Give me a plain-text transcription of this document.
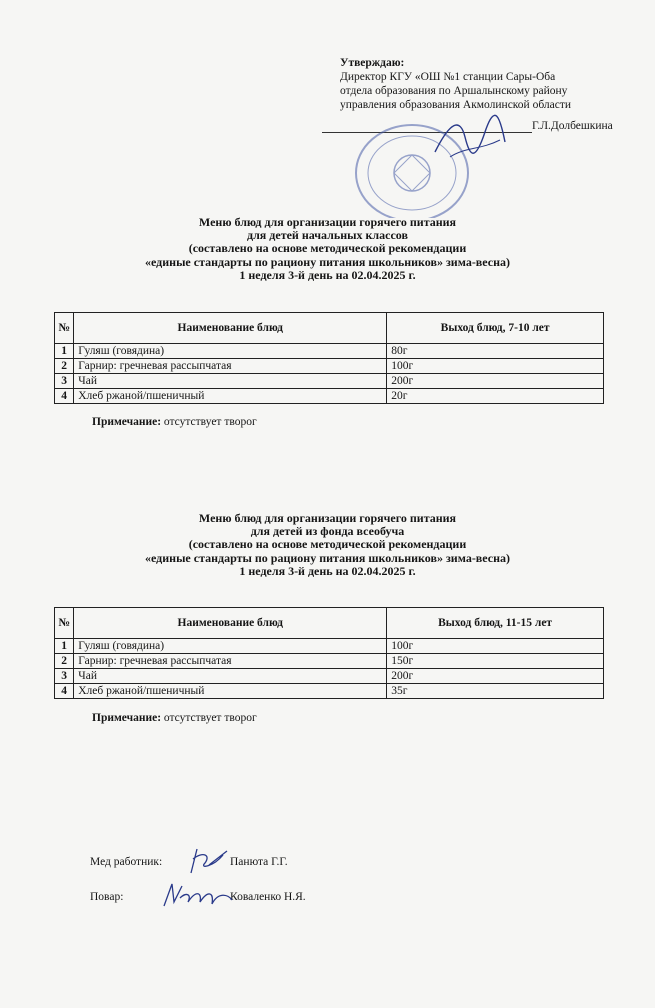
Утверждаю:
Директор КГУ «ОШ №1 станции Сары-Оба
отдела образования по Аршалынскому району
управления образования Акмолинской области
Г.Л.Долбешкина
Меню блюд для организации горячего питания
для детей начальных классов
(составлено на основе методической рекомендации
«единые стандарты по рациону питания школьников» зима-весна)
1 неделя 3-й день на 02.04.2025 г.
№	Наименование блюд	Выход блюд, 7-10 лет
1	Гуляш (говядина)	80г
2	Гарнир: гречневая рассыпчатая	100г
3	Чай	200г
4	Хлеб ржаной/пшеничный	20г
Примечание: отсутствует творог
Меню блюд для организации горячего питания
для детей из фонда всеобуча
(составлено на основе методической рекомендации
«единые стандарты по рациону питания школьников» зима-весна)
1 неделя 3-й день на 02.04.2025 г.
№	Наименование блюд	Выход блюд, 11-15 лет
1	Гуляш (говядина)	100г
2	Гарнир: гречневая рассыпчатая	150г
3	Чай	200г
4	Хлеб ржаной/пшеничный	35г
Примечание: отсутствует творог
Мед работник:	Панюта Г.Г.
Повар:	Коваленко Н.Я.
